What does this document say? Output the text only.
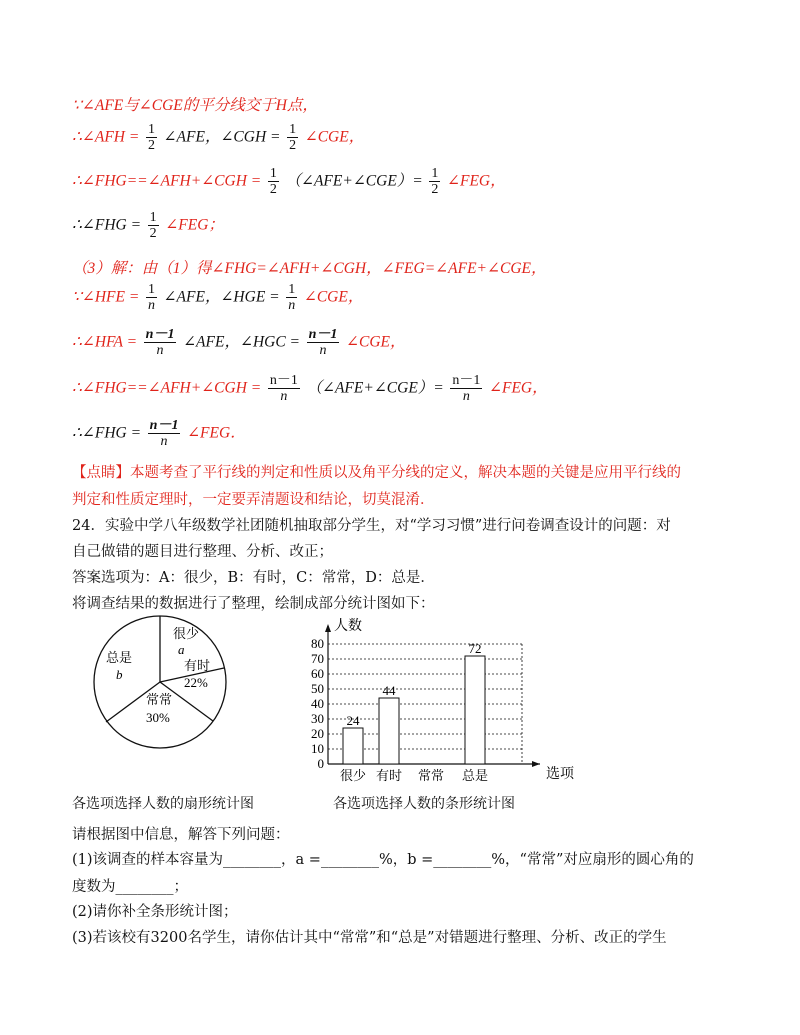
∵∠AFE与∠CGE的平分线交于H点，
∴∠AFH = $\frac{1}{2}$ ∠AFE，∠CGH = $\frac{1}{2}$ ∠CGE，
∴∠FHG==∠AFH+∠CGH = $\frac{1}{2}$ （∠AFE+∠CGE）= $\frac{1}{2}$ ∠FEG，
∴∠FHG = $\frac{1}{2}$ ∠FEG；
（3）解：由（1）得∠FHG=∠AFH+∠CGH，∠FEG=∠AFE+∠CGE，
∵∠HFE = $\frac{1}{n}$ ∠AFE，∠HGE = $\frac{1}{n}$ ∠CGE，
∴∠HFA = $\frac{n-1}{n}$ ∠AFE，∠HGC = $\frac{n-1}{n}$ ∠CGE，
∴∠FHG==∠AFH+∠CGH = $\frac{n-1}{n}$ （∠AFE+∠CGE）= $\frac{n-1}{n}$ ∠FEG，
∴∠FHG = $\frac{n-1}{n}$ ∠FEG．
【点睛】本题考查了平行线的判定和性质以及角平分线的定义，解决本题的关键是应用平行线的
判定和性质定理时，一定要弄清题设和结论，切莫混淆．
24．实验中学八年级数学社团随机抽取部分学生，对“学习习惯”进行问卷调查设计的问题：对
自己做错的题目进行整理、分析、改正；
答案选项为：A：很少，B：有时，C：常常，D：总是．
将调查结果的数据进行了整理，绘制成部分统计图如下：
很少
a
有时
22%
常常
30%
总是
b
各选项选择人数的扇形统计图
0
10
20
30
40
50
60
70
80
人数
选项
很少
24
有时
44
常常 总是
72
各选项选择人数的条形统计图
请根据图中信息，解答下列问题：
(1)该调查的样本容量为________，a =________%，b =________%，“常常”对应扇形的圆心角的
度数为________；
(2)请你补全条形统计图；
(3)若该校有3200名学生，请你估计其中“常常”和“总是”对错题进行整理、分析、改正的学生
